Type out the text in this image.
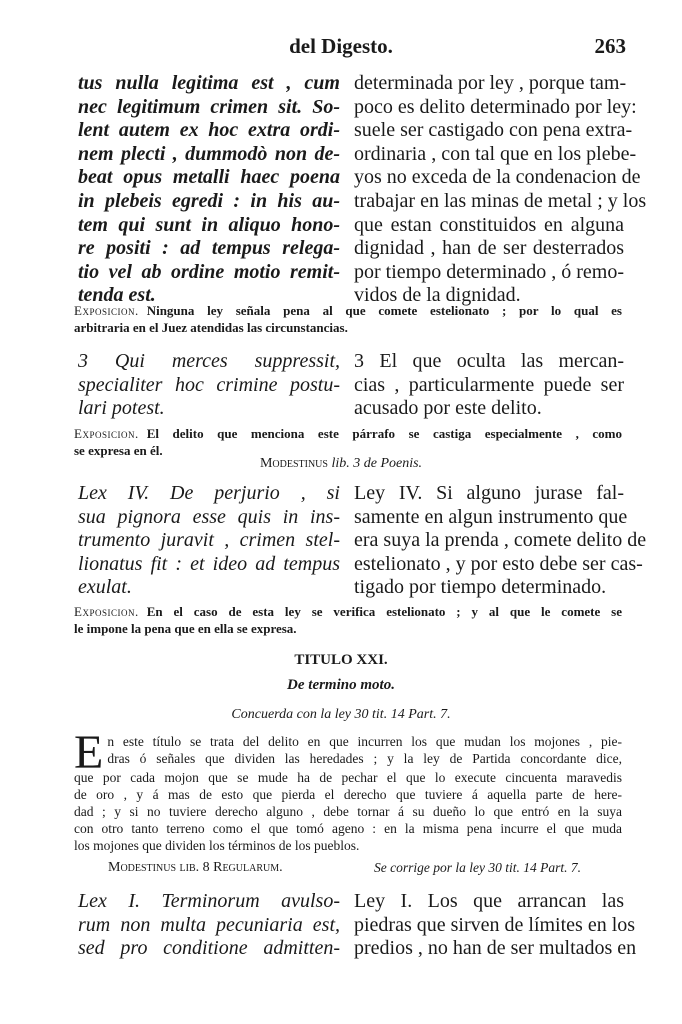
del Digesto.	263
tus nulla legitima est , cum
nec legitimum crimen sit. So-
lent autem ex hoc extra ordi-
nem plecti , dummodò non de-
beat opus metalli haec poena
in plebeis egredi : in his au-
tem qui sunt in aliquo hono-
re positi : ad tempus relega-
tio vel ab ordine motio remit-
tenda est.
determinada por ley , porque tam-
poco es delito determinado por ley:
suele ser castigado con pena extra-
ordinaria , con tal que en los plebe-
yos no exceda de la condenacion de
trabajar en las minas de metal ; y los
que estan constituidos en alguna
dignidad , han de ser desterrados
por tiempo determinado , ó remo-
vidos de la dignidad.
Exposicion. Ninguna ley señala pena al que comete estelionato ; por lo qual es
arbitraria en el Juez atendidas las circunstancias.
3 Qui merces suppressit,
specialiter hoc crimine postu-
lari potest.
3 El que oculta las mercan-
cias , particularmente puede ser
acusado por este delito.
Exposicion. El delito que menciona este párrafo se castiga especialmente , como
se expresa en él.
Modestinus lib. 3 de Poenis.
Lex IV. De perjurio , si
sua pignora esse quis in ins-
trumento juravit , crimen stel-
lionatus fit : et ideo ad tempus
exulat.
Ley IV. Si alguno jurase fal-
samente en algun instrumento que
era suya la prenda , comete delito de
estelionato , y por esto debe ser cas-
tigado por tiempo determinado.
Exposicion. En el caso de esta ley se verifica estelionato ; y al que le comete se
le impone la pena que en ella se expresa.
TITULO XXI.
De termino moto.
Concuerda con la ley 30 tit. 14 Part. 7.
E n este título se trata del delito en que incurren los que mudan los mojones , pie-
dras ó señales que dividen las heredades ; y la ley de Partida concordante dice,
que por cada mojon que se mude ha de pechar el que lo execute cincuenta maravedis
de oro , y á mas de esto que pierda el derecho que tuviere á aquella parte de here-
dad ; y si no tuviere derecho alguno , debe tornar á su dueño lo que entró en la suya
con otro tanto terreno como el que tomó ageno : en la misma pena incurre el que muda
los mojones que dividen los términos de los pueblos.
Modestinus lib. 8 Regularum.	Se corrige por la ley 30 tit. 14 Part. 7.
Lex I. Terminorum avulso-
rum non multa pecuniaria est,
sed pro conditione admitten-
Ley I. Los que arrancan las
piedras que sirven de límites en los
predios , no han de ser multados en
